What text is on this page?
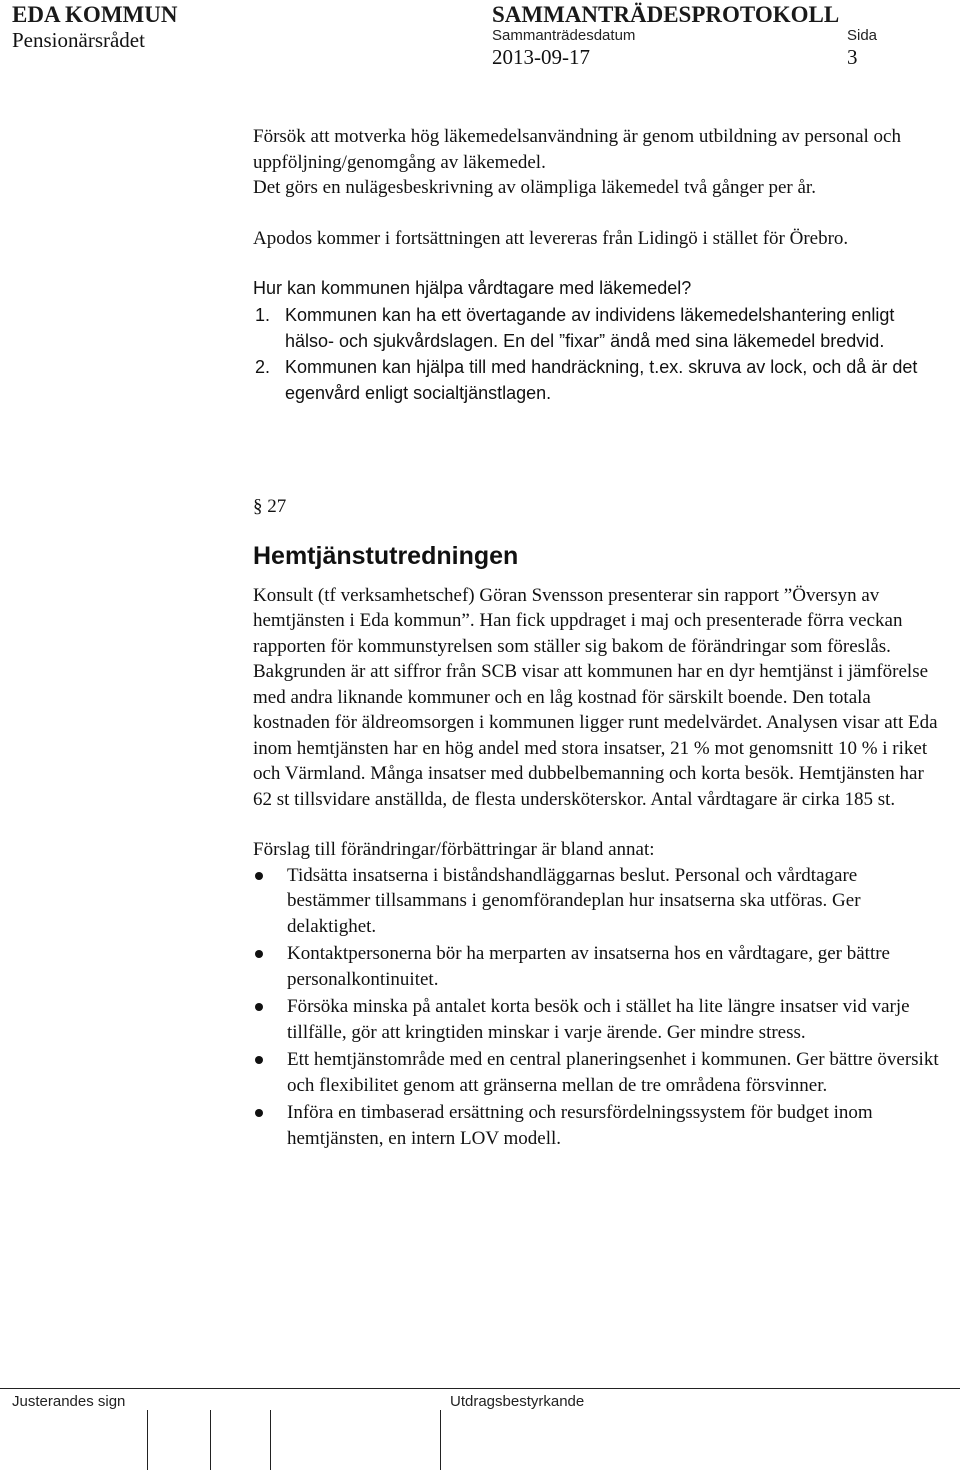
EDA KOMMUN
Pensionärsrådet
SAMMANTRÄDESPROTOKOLL
Sammanträdesdatum
2013-09-17
Sida
3

Försök att motverka hög läkemedelsanvändning är genom utbildning av personal och uppföljning/genomgång av läkemedel.

Det görs en nulägesbeskrivning av olämpliga läkemedel två gånger per år.

Apodos kommer i fortsättningen att levereras från Lidingö i stället för Örebro.

Hur kan kommunen hjälpa vårdtagare med läkemedel?

1. Kommunen kan ha ett övertagande av individens läkemedelshantering enligt hälso- och sjukvårdslagen. En del ”fixar” ändå med sina läkemedel bredvid.
2. Kommunen kan hjälpa till med handräckning, t.ex. skruva av lock, och då är det egenvård enligt socialtjänstlagen.
§ 27
Hemtjänstutredningen

Konsult (tf verksamhetschef) Göran Svensson presenterar sin rapport ”Översyn av hemtjänsten i Eda kommun”. Han fick uppdraget i maj och presenterade förra veckan rapporten för kommunstyrelsen som ställer sig bakom de förändringar som föreslås. Bakgrunden är att siffror från SCB visar att kommunen har en dyr hemtjänst i jämförelse med andra liknande kommuner och en låg kostnad för särskilt boende. Den totala kostnaden för äldreomsorgen i kommunen ligger runt medelvärdet. Analysen visar att Eda inom hemtjänsten har en hög andel med stora insatser, 21 % mot genomsnitt 10 % i riket och Värmland. Många insatser med dubbelbemanning och korta besök. Hemtjänsten har 62 st tillsvidare anställda, de flesta undersköterskor. Antal vårdtagare är cirka 185 st.

Förslag till förändringar/förbättringar är bland annat:

Tidsätta insatserna i biståndshandläggarnas beslut. Personal och vårdtagare bestämmer tillsammans i genomförandeplan hur insatserna ska utföras. Ger delaktighet.
Kontaktpersonerna bör ha merparten av insatserna hos en vårdtagare, ger bättre personalkontinuitet.
Försöka minska på antalet korta besök och i stället ha lite längre insatser vid varje tillfälle, gör att kringtiden minskar i varje ärende. Ger mindre stress.
Ett hemtjänstområde med en central planeringsenhet i kommunen. Ger bättre översikt och flexibilitet genom att gränserna mellan de tre områdena försvinner.
Införa en timbaserad ersättning och resursfördelningssystem för budget inom hemtjänsten, en intern LOV modell.
Justerandes sign	Utdragsbestyrkande
